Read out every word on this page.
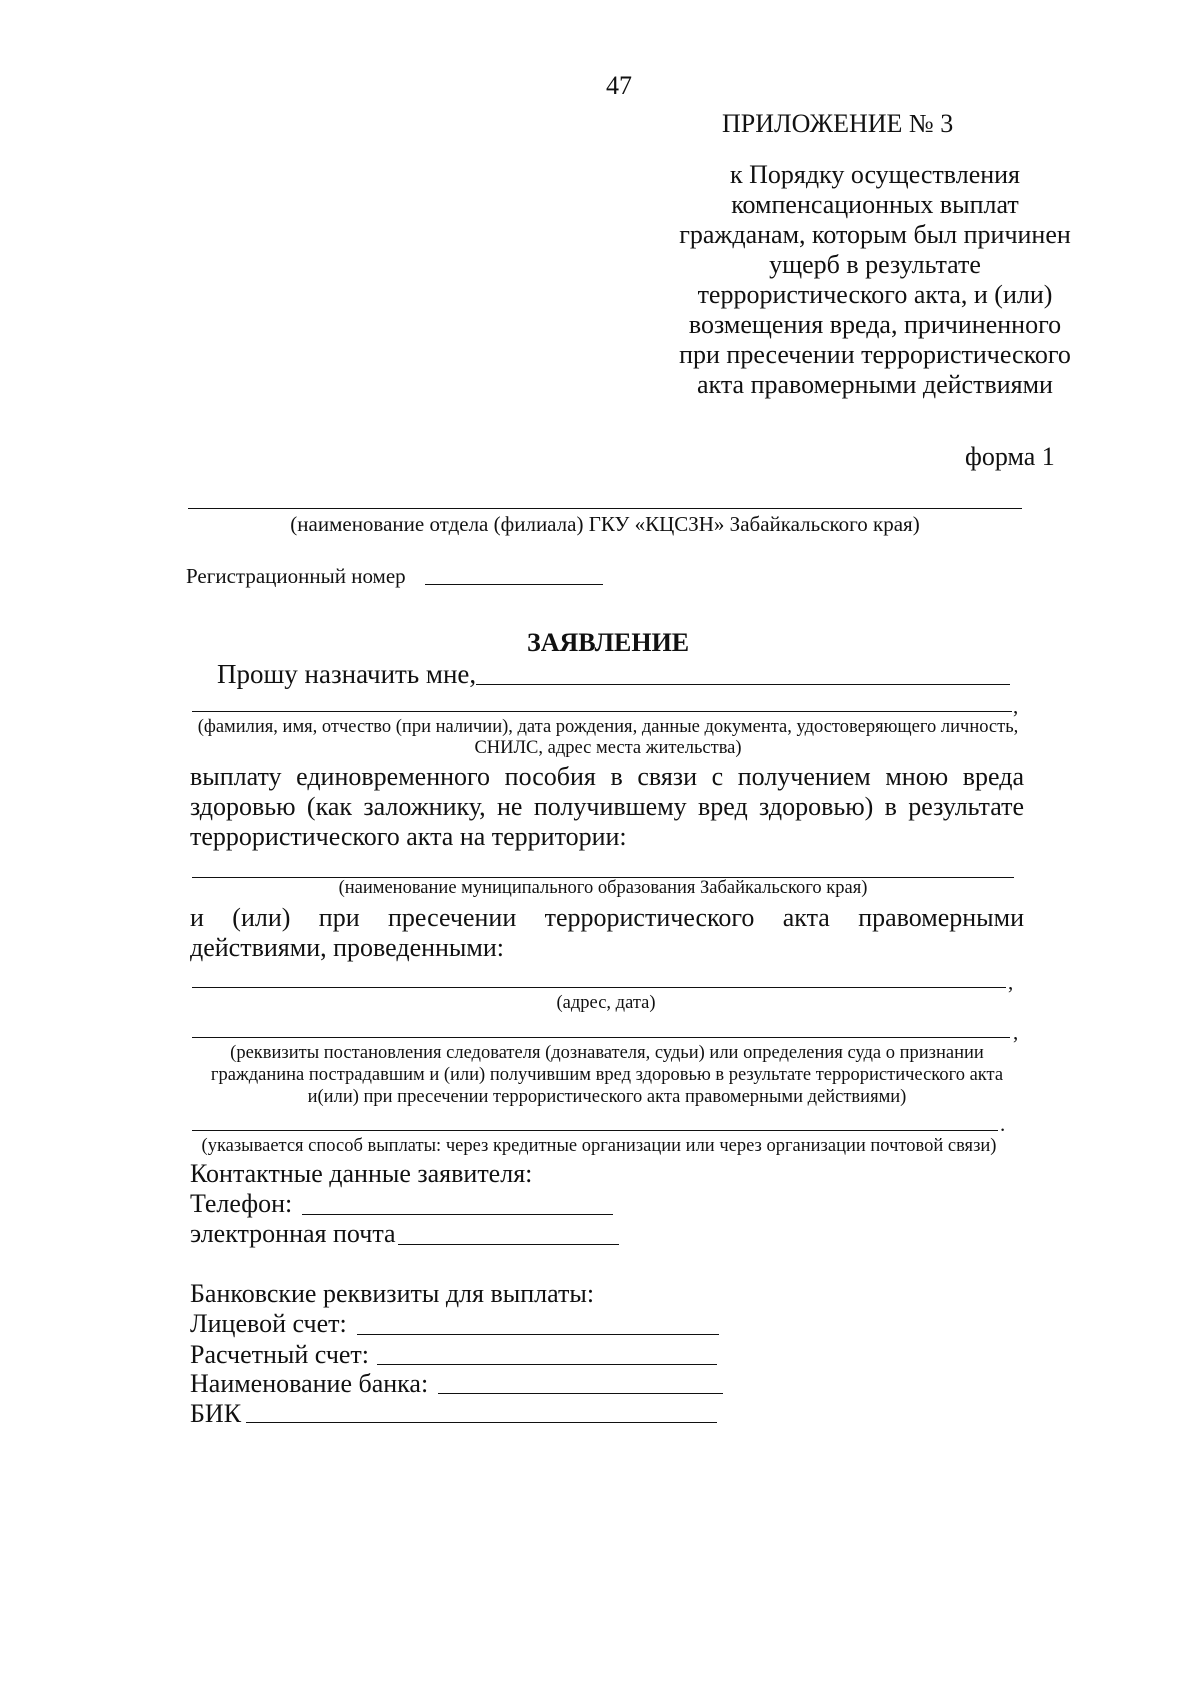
47
ПРИЛОЖЕНИЕ № 3
к Порядку осуществления
компенсационных выплат
гражданам, которым был причинен
ущерб в результате
террористического акта, и (или)
возмещения вреда, причиненного
при пресечении террористического
акта правомерными действиями
форма 1
(наименование отдела (филиала) ГКУ «КЦСЗН» Забайкальского края)
Регистрационный номер
ЗАЯВЛЕНИЕ
Прошу назначить мне,
,
(фамилия, имя, отчество (при наличии), дата рождения, данные документа, удостоверяющего личность,
СНИЛС, адрес места жительства)
выплату единовременного пособия в связи с получением мною вреда
здоровью (как заложнику, не получившему вред здоровью) в результате
террористического акта на территории:
(наименование муниципального образования Забайкальского края)
и (или) при пресечении террористического акта правомерными
действиями, проведенными:
,
(адрес, дата)
,
(реквизиты постановления следователя (дознавателя, судьи) или определения суда о признании
гражданина пострадавшим и (или) получившим вред здоровью в результате террористического акта
и(или) при пресечении террористического акта правомерными действиями)
.
(указывается способ выплаты: через кредитные организации или через организации почтовой связи)
Контактные данные заявителя:
Телефон:
электронная почта
Банковские реквизиты для выплаты:
Лицевой счет:
Расчетный счет:
Наименование банка:
БИК
